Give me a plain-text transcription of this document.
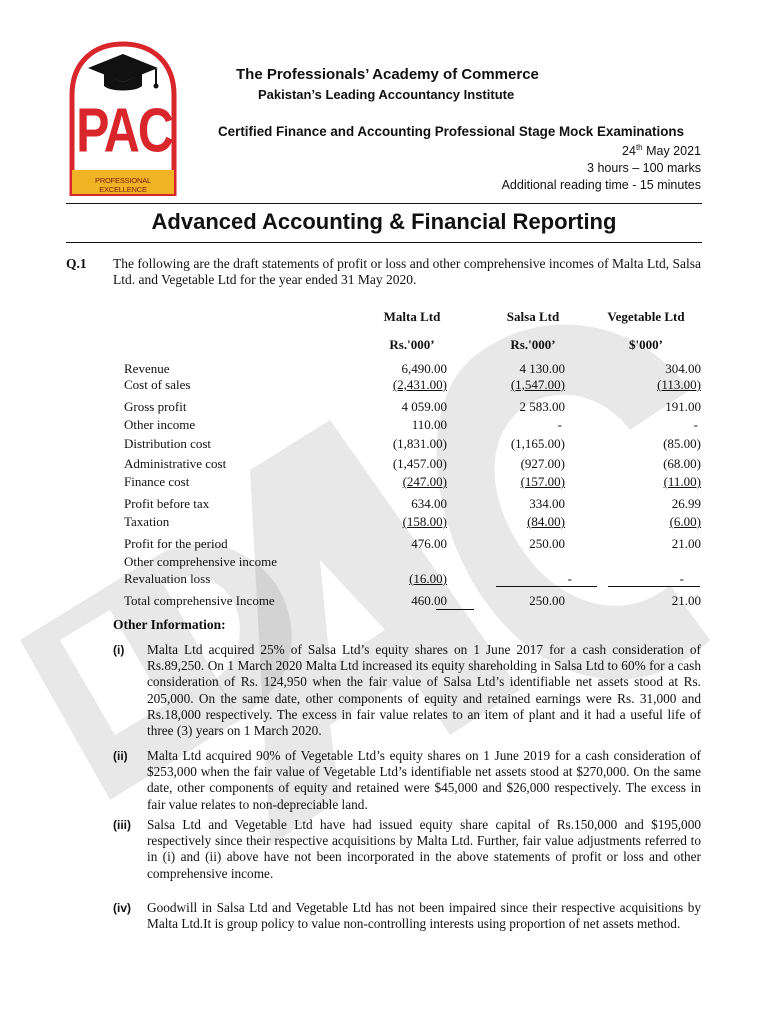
PAC
PROFESSIONAL EXCELLENCE
The Professionals’ Academy of Commerce
Pakistan’s Leading Accountancy Institute
Certified Finance and Accounting Professional Stage Mock Examinations
24th May 2021
3 hours – 100 marks
Additional reading time - 15 minutes
Advanced Accounting & Financial Reporting
Q.1 The following are the draft statements of profit or loss and other comprehensive incomes of Malta Ltd, Salsa Ltd. and Vegetable Ltd for the year ended 31 May 2020.
Malta Ltd	Salsa Ltd	Vegetable Ltd
Rs.'000’	Rs.'000’	$'000’
Revenue	6,490.00	4 130.00	304.00
Cost of sales	(2,431.00)	(1,547.00)	(113.00)
Gross profit	4 059.00	2 583.00	191.00
Other income	110.00	-	-
Distribution cost	(1,831.00)	(1,165.00)	(85.00)
Administrative cost	(1,457.00)	(927.00)	(68.00)
Finance cost	(247.00)	(157.00)	(11.00)
Profit before tax	634.00	334.00	26.99
Taxation	(158.00)	(84.00)	(6.00)
Profit for the period	476.00	250.00	21.00
Other comprehensive income
Revaluation loss	(16.00)	-	-
Total comprehensive Income	460.00	250.00	21.00
Other Information:
(i) Malta Ltd acquired 25% of Salsa Ltd’s equity shares on 1 June 2017 for a cash consideration of Rs.89,250. On 1 March 2020 Malta Ltd increased its equity shareholding in Salsa Ltd to 60% for a cash consideration of Rs. 124,950 when the fair value of Salsa Ltd’s identifiable net assets stood at Rs. 205,000. On the same date, other components of equity and retained earnings were Rs. 31,000 and Rs.18,000 respectively. The excess in fair value relates to an item of plant and it had a useful life of three (3) years on 1 March 2020.
(ii) Malta Ltd acquired 90% of Vegetable Ltd’s equity shares on 1 June 2019 for a cash consideration of $253,000 when the fair value of Vegetable Ltd’s identifiable net assets stood at $270,000. On the same date, other components of equity and retained were $45,000 and $26,000 respectively. The excess in fair value relates to non-depreciable land.
(iii) Salsa Ltd and Vegetable Ltd have had issued equity share capital of Rs.150,000 and $195,000 respectively since their respective acquisitions by Malta Ltd. Further, fair value adjustments referred to in (i) and (ii) above have not been incorporated in the above statements of profit or loss and other comprehensive income.
(iv) Goodwill in Salsa Ltd and Vegetable Ltd has not been impaired since their respective acquisitions by Malta Ltd.It is group policy to value non-controlling interests using proportion of net assets method.
